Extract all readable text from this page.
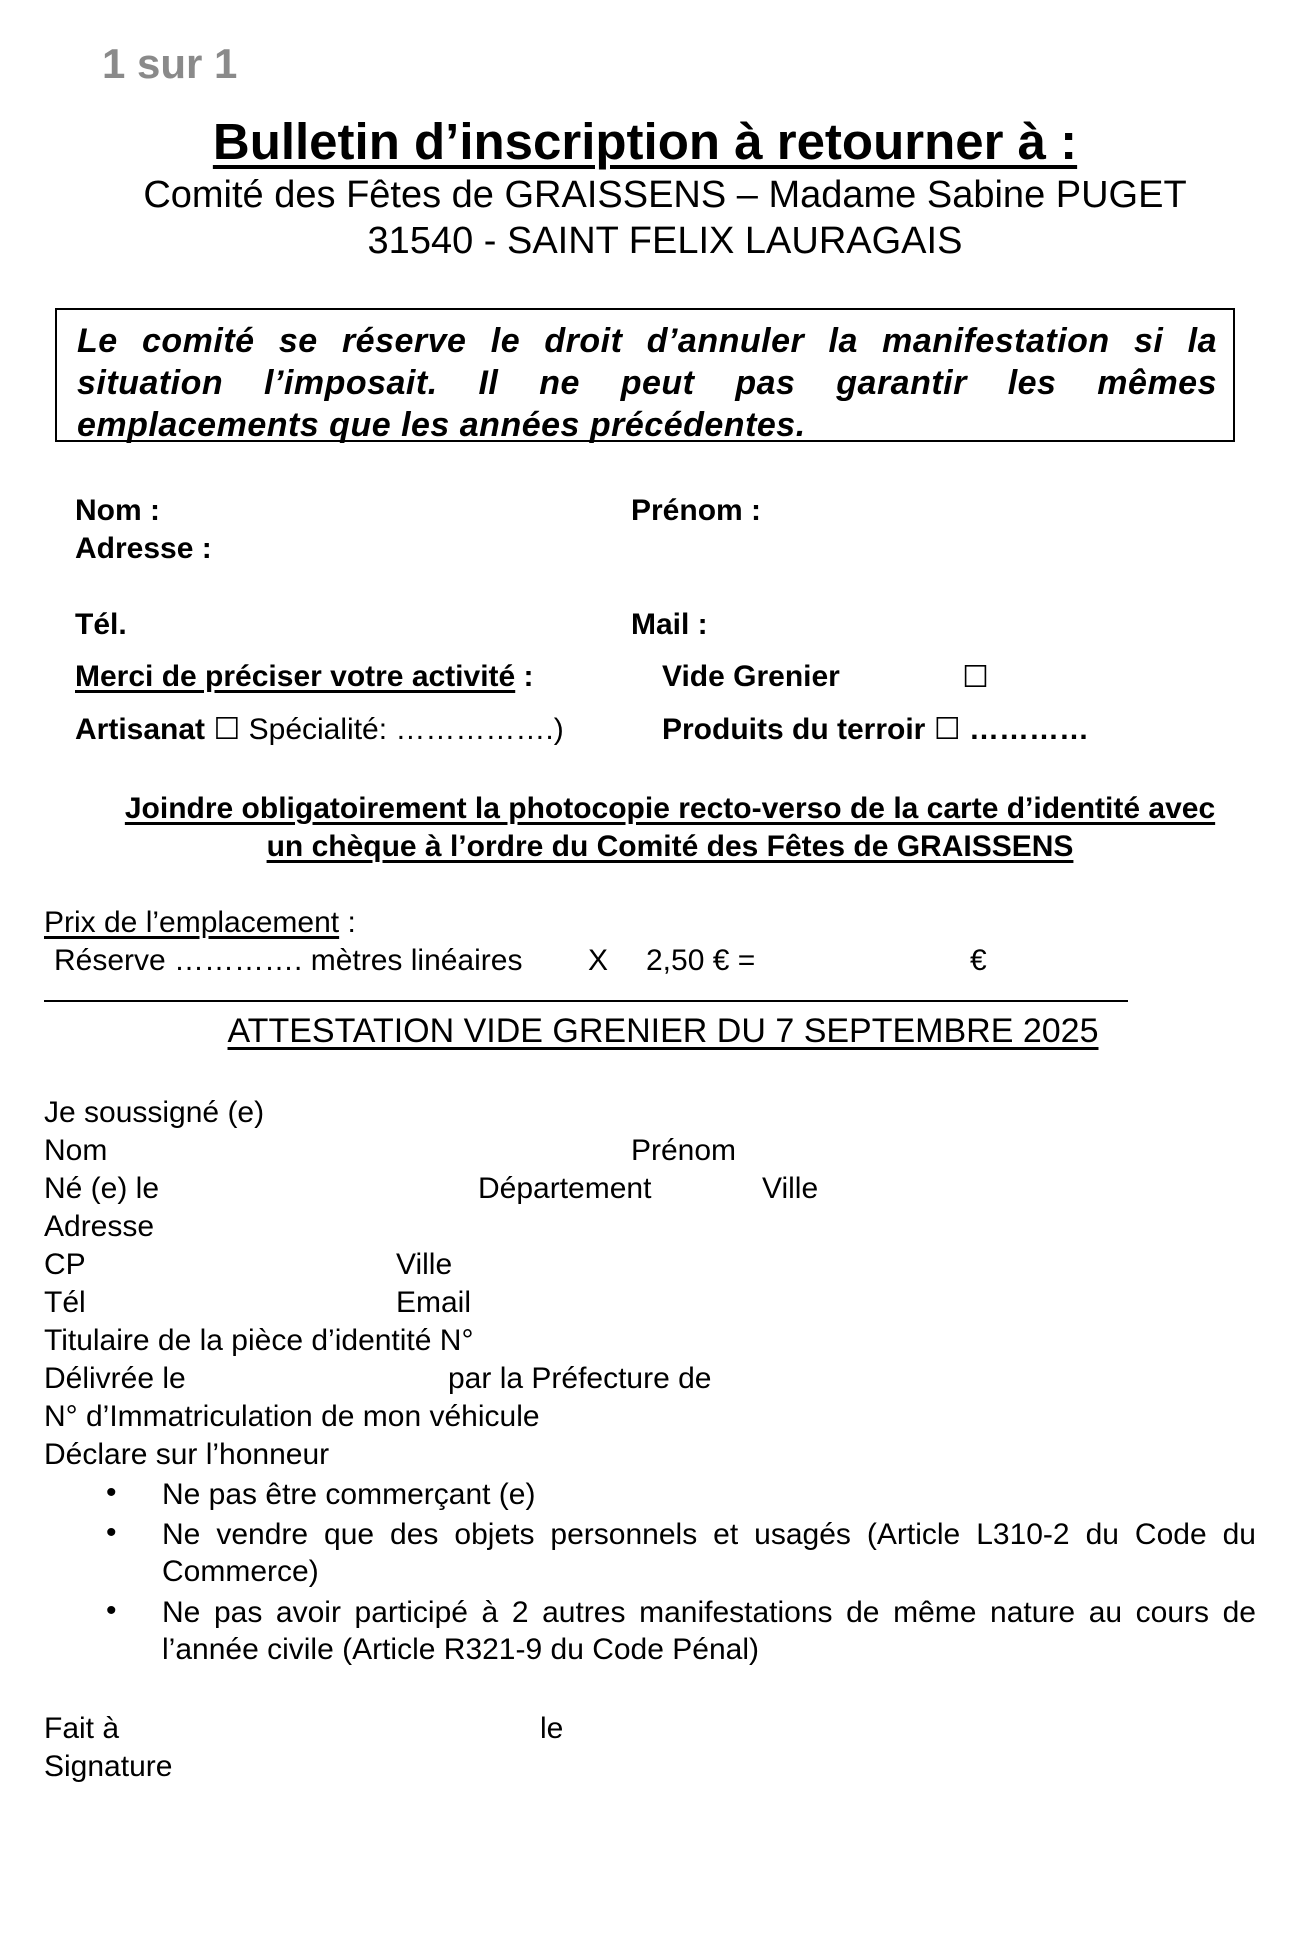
1 sur 1
Bulletin d’inscription à retourner à :
Comité des Fêtes de GRAISSENS – Madame Sabine PUGET
31540 - SAINT FELIX LAURAGAIS
Le comité se réserve le droit d’annuler la manifestation si la situation l’imposait. Il ne peut pas garantir les mêmes emplacements que les années précédentes.
Nom :	Prénom :
Adresse :
Tél.	Mail :
Merci de préciser votre activité :	Vide Grenier	☐
Artisanat ☐ Spécialité: …………….)	Produits du terroir ☐ …………
Joindre obligatoirement la photocopie recto-verso de la carte d’identité avec
un chèque à l’ordre du Comité des Fêtes de GRAISSENS
Prix de l’emplacement :
Réserve …………. mètres linéaires X 2,50 € =	€
ATTESTATION VIDE GRENIER DU 7 SEPTEMBRE 2025
Je soussigné (e)
Nom	Prénom
Né (e) le	Département	Ville
Adresse
CP	Ville
Tél	Email
Titulaire de la pièce d’identité N°
Délivrée le	par la Préfecture de
N° d’Immatriculation de mon véhicule
Déclare sur l’honneur
• Ne pas être commerçant (e)
• Ne vendre que des objets personnels et usagés (Article L310-2 du Code du Commerce)
• Ne pas avoir participé à 2 autres manifestations de même nature au cours de l’année civile (Article R321-9 du Code Pénal)
Fait à	le
Signature
